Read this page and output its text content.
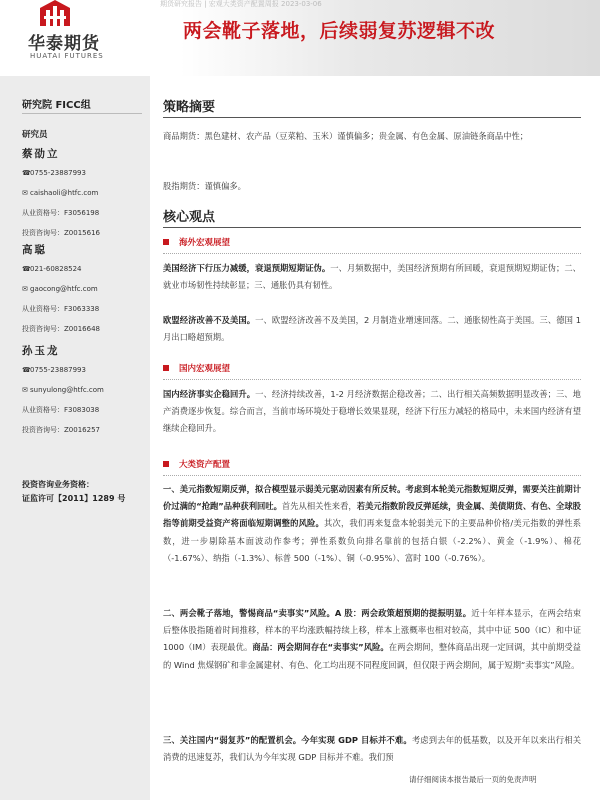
期货研究报告 | 宏观大类资产配置周报 2023-03-06
华泰期货
HUATAI FUTURES
两会靴子落地，后续弱复苏逻辑不改
研究院 FICC组
研究员
蔡劭立
☎0755-23887993
✉ caishaoli@htfc.com
从业资格号：F3056198
投资咨询号：Z0015616
高聪
☎021-60828524
✉ gaocong@htfc.com
从业资格号：F3063338
投资咨询号：Z0016648
孙玉龙
☎0755-23887993
✉ sunyulong@htfc.com
从业资格号：F3083038
投资咨询号：Z0016257
投资咨询业务资格：
证监许可【2011】1289 号
策略摘要
商品期货：黑色建材、农产品（豆菜粕、玉米）谨慎偏多；贵金属、有色金属、原油链条商品中性；
股指期货：谨慎偏多。
核心观点
海外宏观展望
美国经济下行压力减缓，衰退预期短期证伪。一、月频数据中，美国经济预期有所回暖，衰退预期短期证伪；二、就业市场韧性持续彰显；三、通胀仍具有韧性。
欧盟经济改善不及美国。一、欧盟经济改善不及美国，2 月制造业增速回落。二、通胀韧性高于美国。三、德国 1 月出口略超预期。
国内宏观展望
国内经济事实企稳回升。一、经济持续改善，1-2 月经济数据企稳改善；二、出行相关高频数据明显改善；三、地产消费逐步恢复。综合而言，当前市场环境处于稳增长效果显现，经济下行压力减轻的格局中，未来国内经济有望继续企稳回升。
大类资产配置
一、美元指数短期反弹，拟合模型显示弱美元驱动因素有所反转。考虑到本轮美元指数短期反弹，需要关注前期计价过满的“抢跑”品种获利回吐。首先从相关性来看，若美元指数阶段反弹延续，贵金属、美债期货、有色、全球股指等前期受益资产将面临短期调整的风险。其次，我们再来复盘本轮弱美元下的主要品种价格/美元指数的弹性系数，进一步剔除基本面波动作参考；弹性系数负向排名靠前的包括白银（-2.2%）、黄金（-1.9%）、棉花（-1.67%）、纳指（-1.3%）、标普 500（-1%）、铜（-0.95%）、富时 100（-0.76%）。
二、两会靴子落地，警惕商品“卖事实”风险。A 股：两会政策超预期的提振明显。近十年样本显示，在两会结束后整体股指随着时间推移，样本的平均涨跌幅持续上移，样本上涨概率也相对较高，其中中证 500（IC）和中证 1000（IM）表现最优。商品：两会期间存在“卖事实”风险。在两会期间，整体商品出现一定回调，其中前期受益的 Wind 焦煤钢矿和非金属建材、有色、化工均出现不同程度回调，但仅限于两会期间，属于短期“卖事实”风险。
三、关注国内“弱复苏”的配置机会。今年实现 GDP 目标并不难。考虑到去年的低基数，以及开年以来出行相关消费的迅速复苏，我们认为今年实现 GDP 目标并不难。我们预
请仔细阅读本报告最后一页的免责声明
